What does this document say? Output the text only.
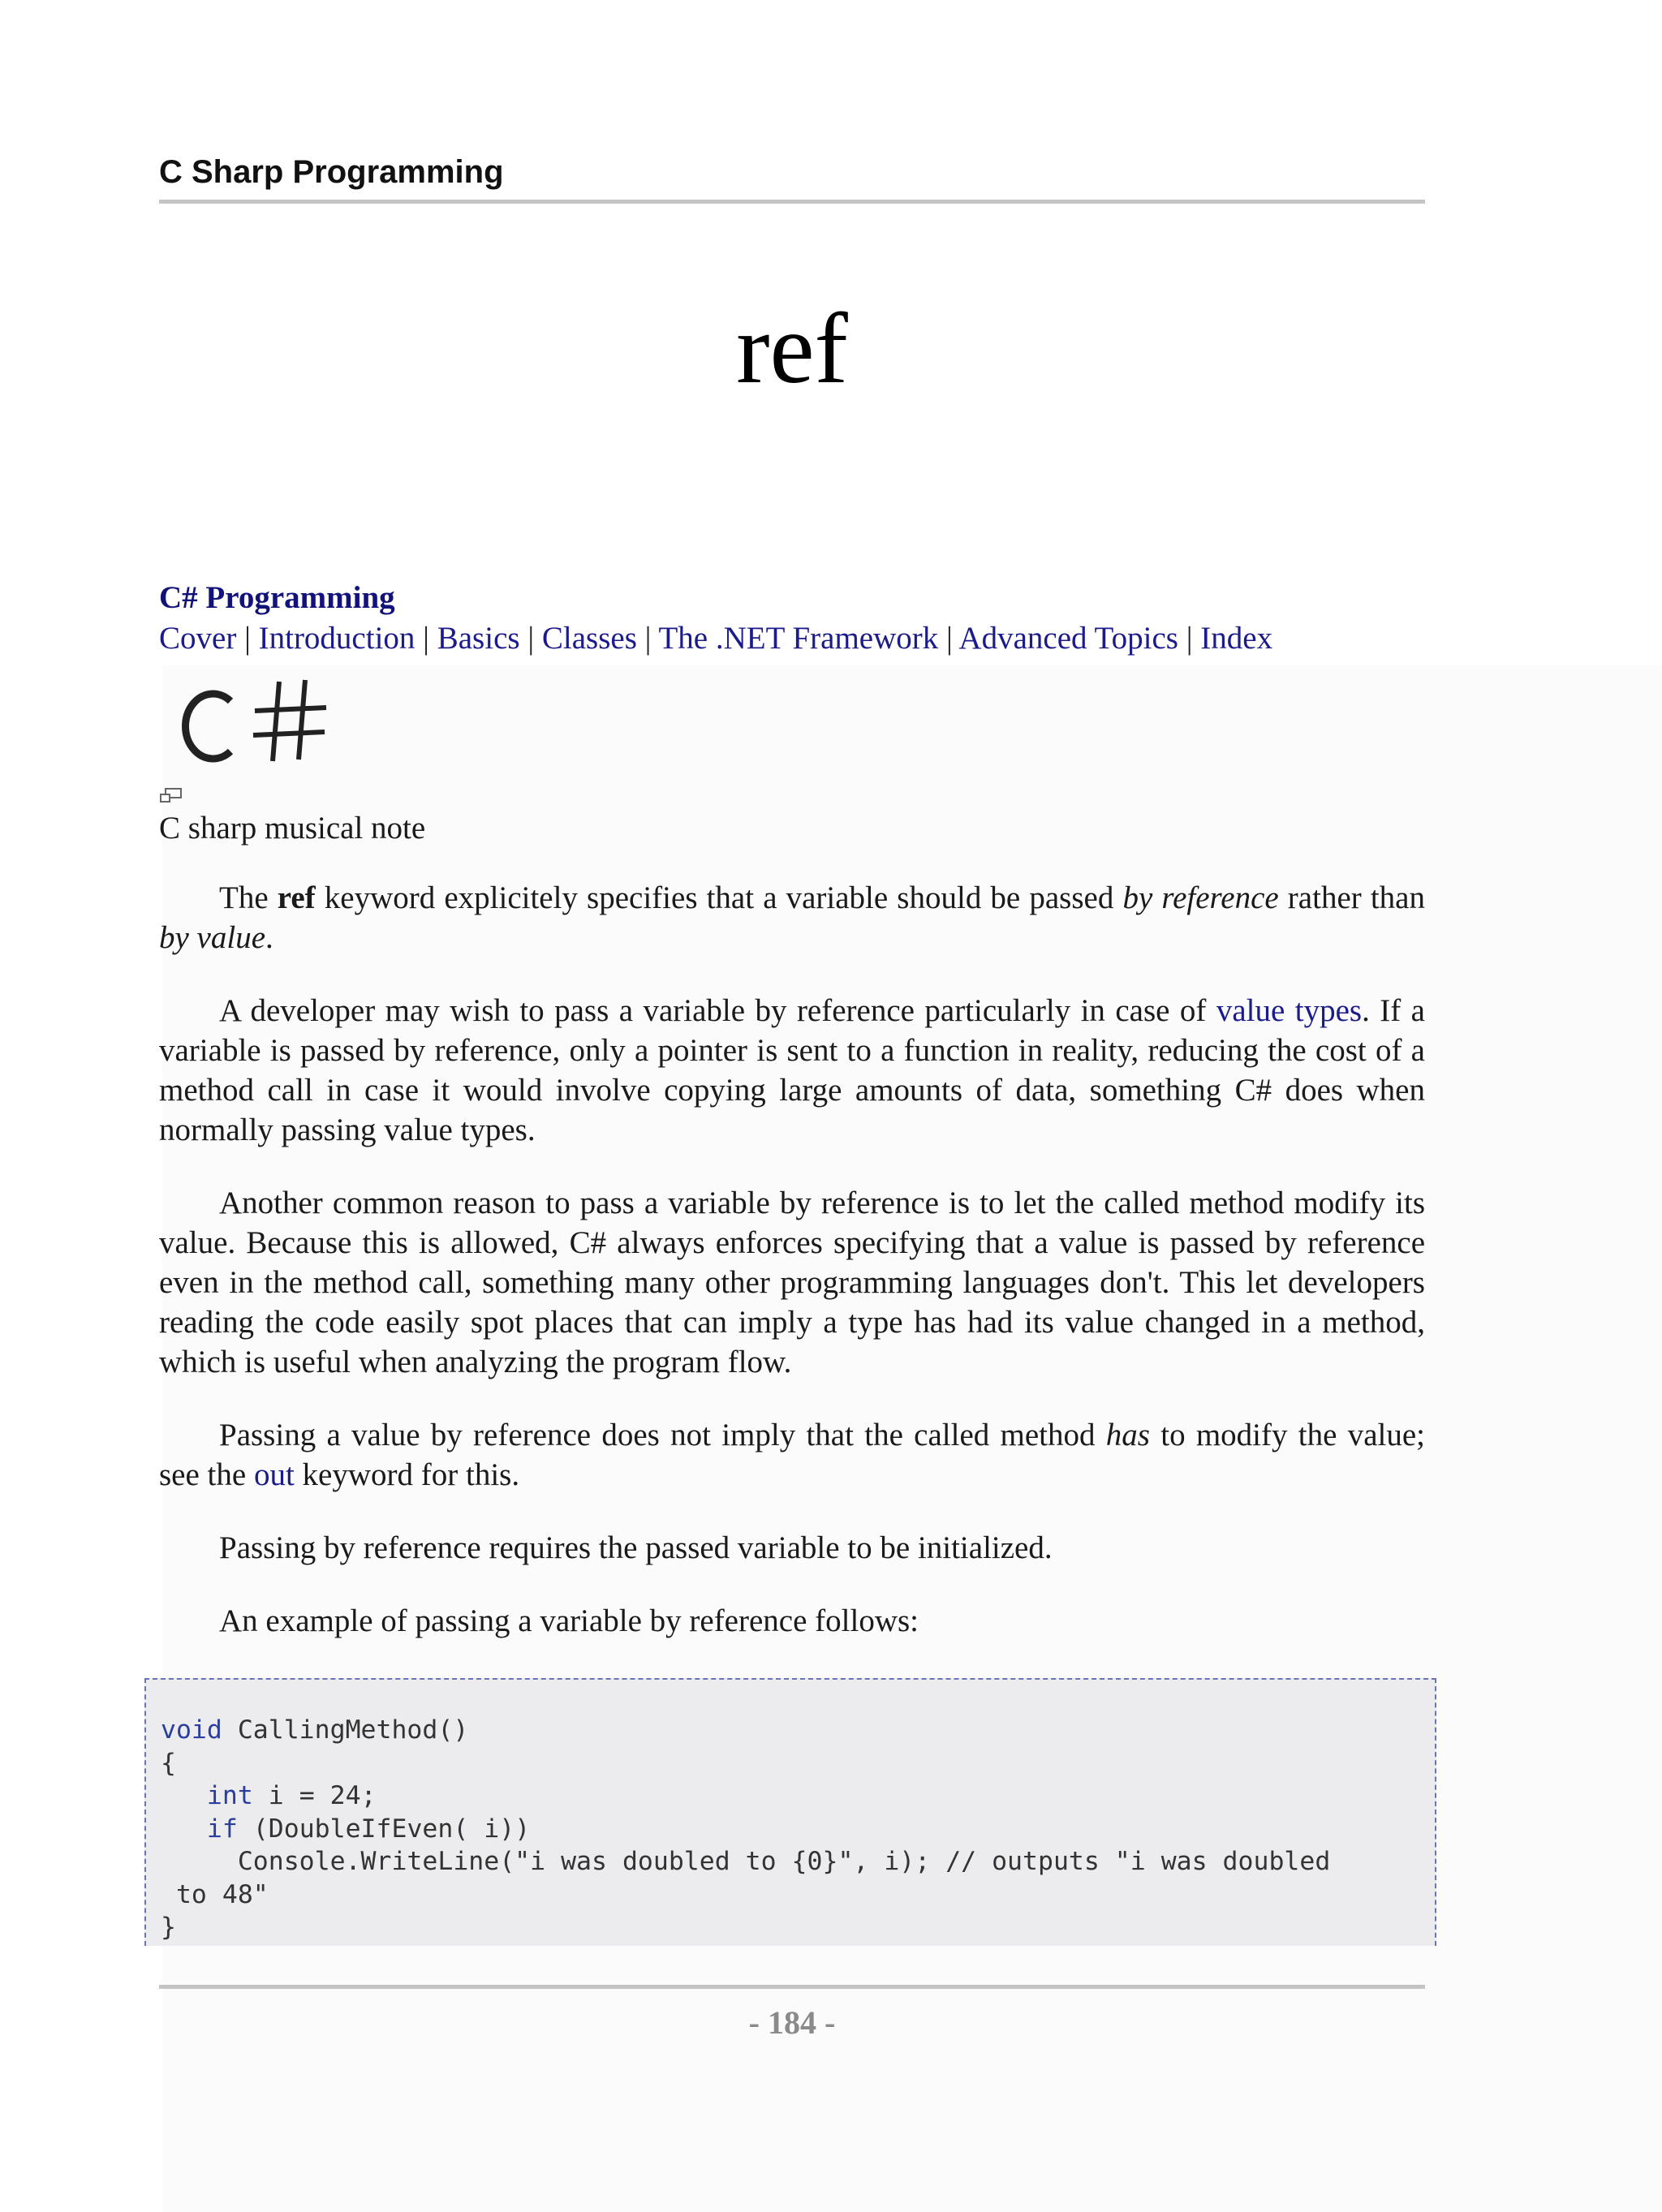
C Sharp Programming
ref
C# Programming
Cover | Introduction | Basics | Classes | The .NET Framework | Advanced Topics | Index
C sharp musical note

The ref keyword explicitely specifies that a variable should be passed by reference rather than by value.

A developer may wish to pass a variable by reference particularly in case of value types. If a variable is passed by reference, only a pointer is sent to a function in reality, reducing the cost of a method call in case it would involve copying large amounts of data, something C# does when normally passing value types.

Another common reason to pass a variable by reference is to let the called method modify its value. Because this is allowed, C# always enforces specifying that a value is passed by reference even in the method call, something many other programming languages don't. This let developers reading the code easily spot places that can imply a type has had its value changed in a method, which is useful when analyzing the program flow.

Passing a value by reference does not imply that the called method has to modify the value; see the out keyword for this.

Passing by reference requires the passed variable to be initialized.

An example of passing a variable by reference follows:

void CallingMethod()
{
int i = 24;
if (DoubleIfEven( i))
Console.WriteLine("i was doubled to {0}", i); // outputs "i was doubled
to 48"
}
- 184 -
